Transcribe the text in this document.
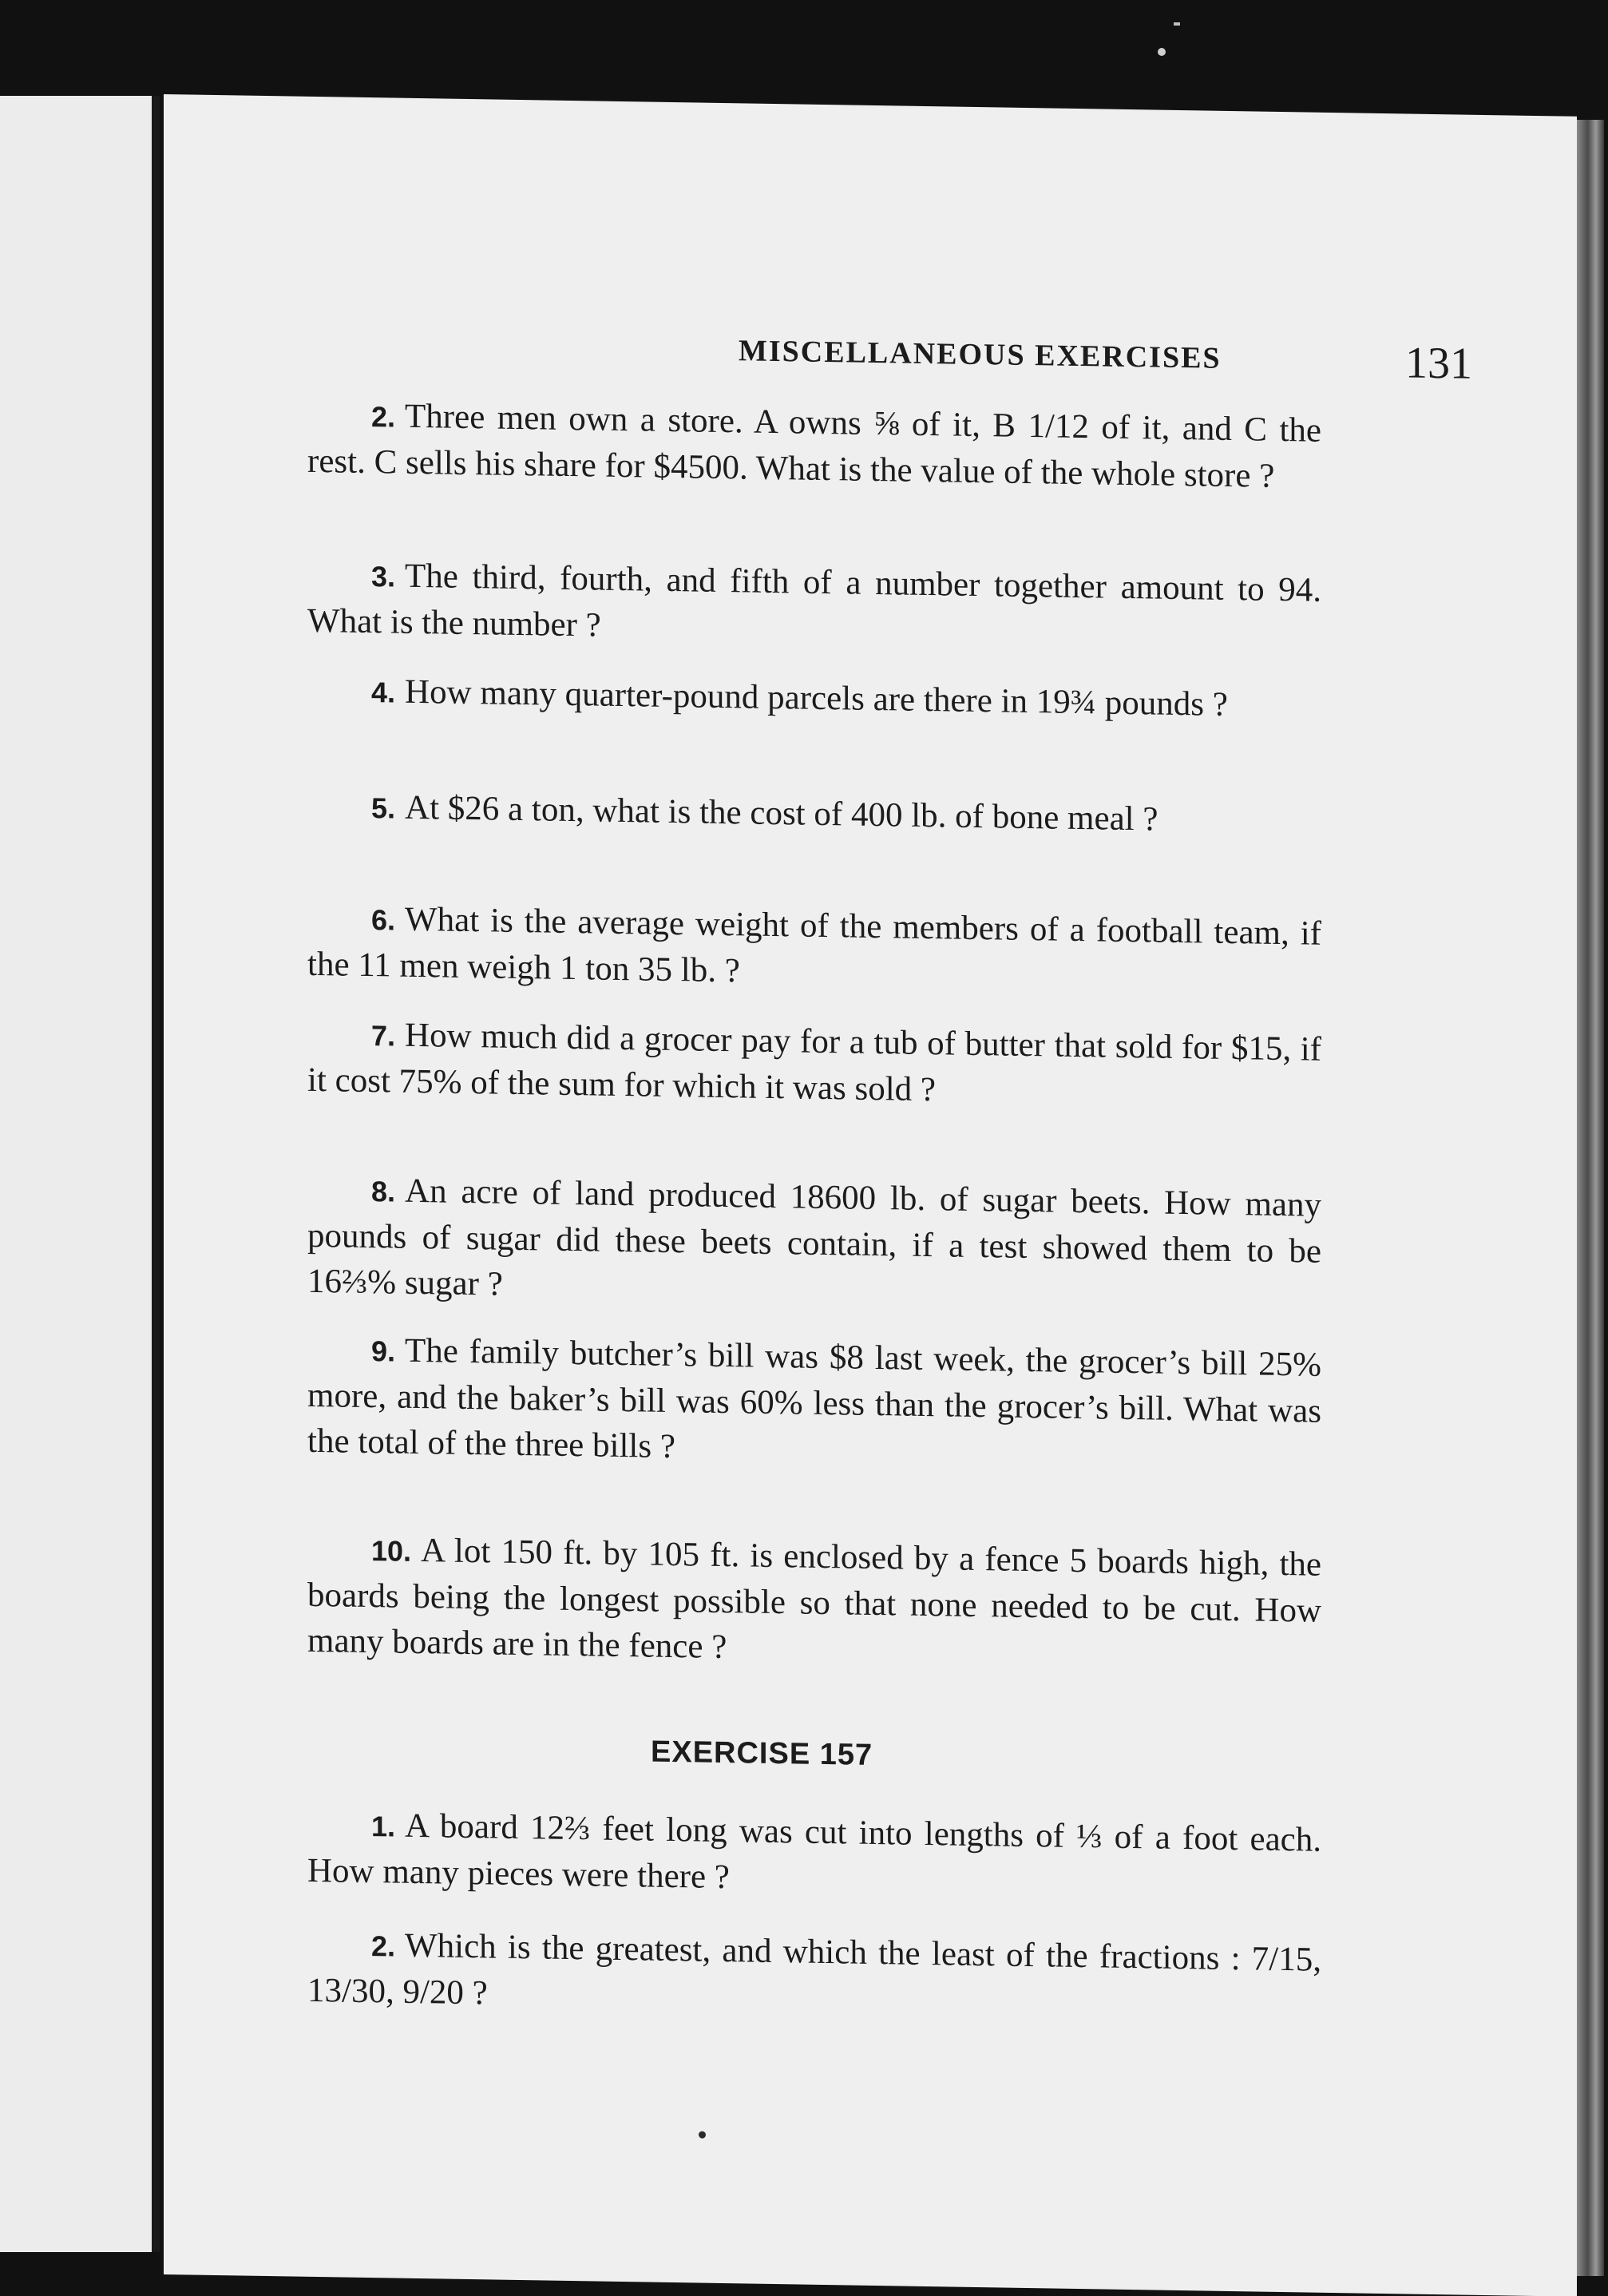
MISCELLANEOUS EXERCISES	131
2. Three men own a store. A owns ⅝ of it, B 1/12 of it, and C the rest. C sells his share for $4500. What is the value of the whole store ?
3. The third, fourth, and fifth of a number together amount to 94. What is the number ?
4. How many quarter-pound parcels are there in 19¾ pounds ?
5. At $26 a ton, what is the cost of 400 lb. of bone meal ?
6. What is the average weight of the members of a football team, if the 11 men weigh 1 ton 35 lb. ?
7. How much did a grocer pay for a tub of butter that sold for $15, if it cost 75% of the sum for which it was sold ?
8. An acre of land produced 18600 lb. of sugar beets. How many pounds of sugar did these beets contain, if a test showed them to be 16⅔% sugar ?
9. The family butcher’s bill was $8 last week, the grocer’s bill 25% more, and the baker’s bill was 60% less than the grocer’s bill. What was the total of the three bills ?
10. A lot 150 ft. by 105 ft. is enclosed by a fence 5 boards high, the boards being the longest possible so that none needed to be cut. How many boards are in the fence ?
EXERCISE 157
1. A board 12⅔ feet long was cut into lengths of ⅓ of a foot each. How many pieces were there ?
2. Which is the greatest, and which the least of the fractions : 7/15, 13/30, 9/20 ?
